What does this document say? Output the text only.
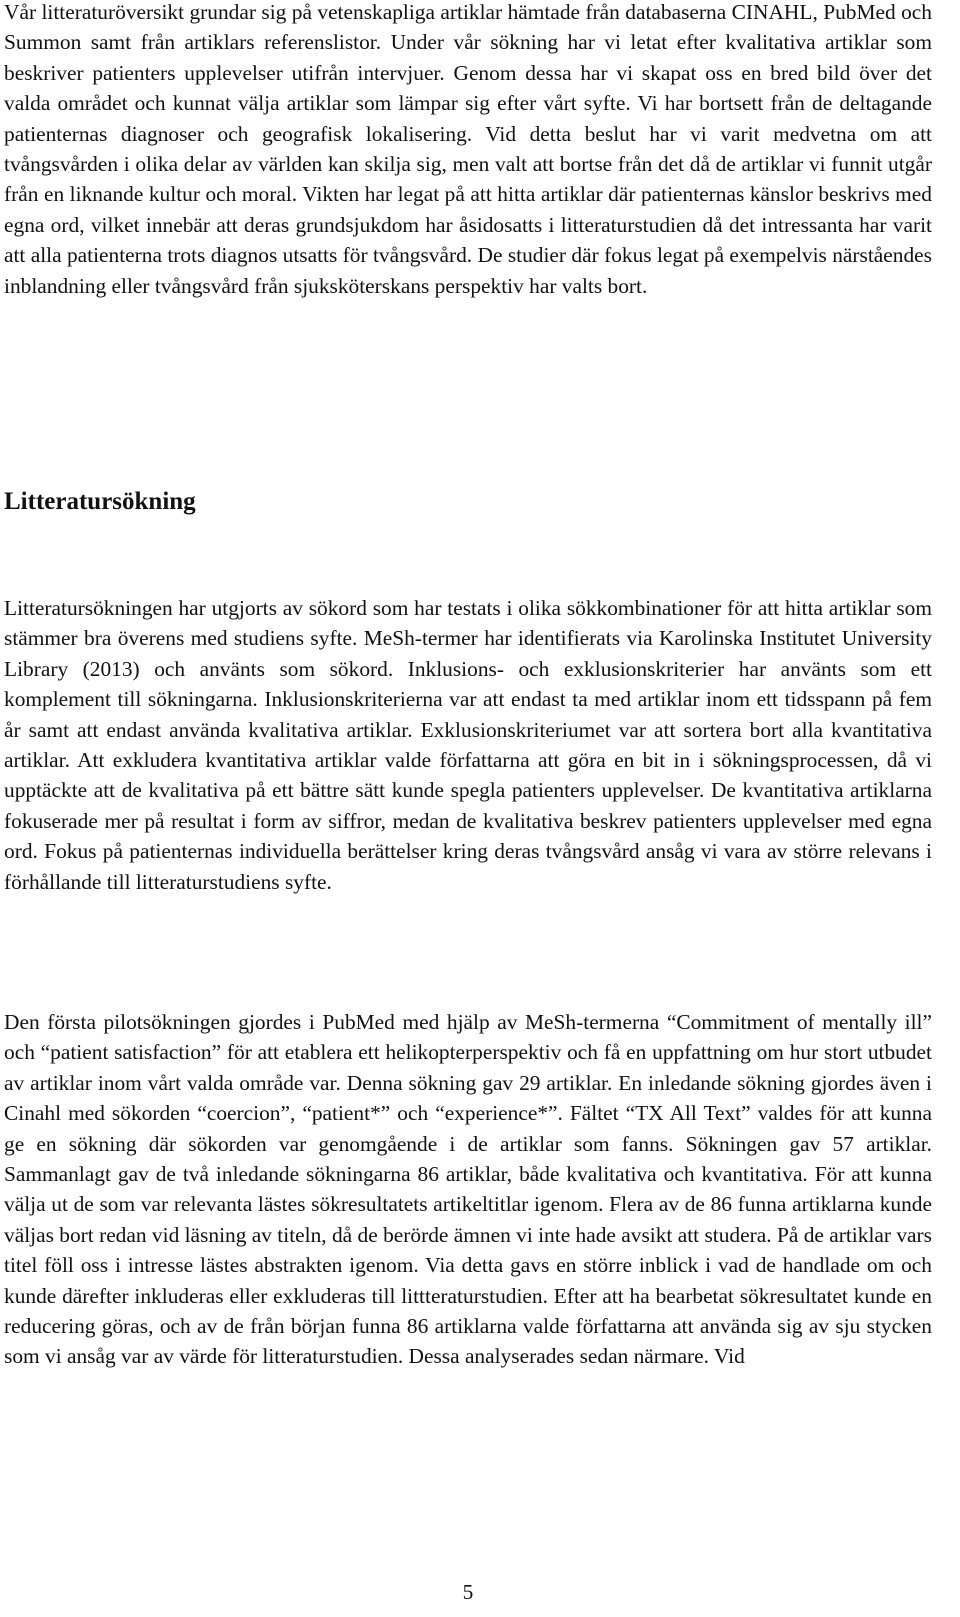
Vår litteraturöversikt grundar sig på vetenskapliga artiklar hämtade från databaserna CINAHL, PubMed och Summon samt från artiklars referenslistor. Under vår sökning har vi letat efter kvalitativa artiklar som beskriver patienters upplevelser utifrån intervjuer. Genom dessa har vi skapat oss en bred bild över det valda området och kunnat välja artiklar som lämpar sig efter vårt syfte. Vi har bortsett från de deltagande patienternas diagnoser och geografisk lokalisering. Vid detta beslut har vi varit medvetna om att tvångsvården i olika delar av världen kan skilja sig, men valt att bortse från det då de artiklar vi funnit utgår från en liknande kultur och moral. Vikten har legat på att hitta artiklar där patienternas känslor beskrivs med egna ord, vilket innebär att deras grundsjukdom har åsidosatts i litteraturstudien då det intressanta har varit att alla patienterna trots diagnos utsatts för tvångsvård. De studier där fokus legat på exempelvis närståendes inblandning eller tvångsvård från sjuksköterskans perspektiv har valts bort.

Litteratursökning

Litteratursökningen har utgjorts av sökord som har testats i olika sökkombinationer för att hitta artiklar som stämmer bra överens med studiens syfte. MeSh-termer har identifierats via Karolinska Institutet University Library (2013) och använts som sökord. Inklusions- och exklusionskriterier har använts som ett komplement till sökningarna. Inklusionskriterierna var att endast ta med artiklar inom ett tidsspann på fem år samt att endast använda kvalitativa artiklar. Exklusionskriteriumet var att sortera bort alla kvantitativa artiklar. Att exkludera kvantitativa artiklar valde författarna att göra en bit in i sökningsprocessen, då vi upptäckte att de kvalitativa på ett bättre sätt kunde spegla patienters upplevelser. De kvantitativa artiklarna fokuserade mer på resultat i form av siffror, medan de kvalitativa beskrev patienters upplevelser med egna ord. Fokus på patienternas individuella berättelser kring deras tvångsvård ansåg vi vara av större relevans i förhållande till litteraturstudiens syfte.

Den första pilotsökningen gjordes i PubMed med hjälp av MeSh-termerna “Commitment of mentally ill” och “patient satisfaction” för att etablera ett helikopterperspektiv och få en uppfattning om hur stort utbudet av artiklar inom vårt valda område var. Denna sökning gav 29 artiklar. En inledande sökning gjordes även i Cinahl med sökorden “coercion”, “patient*” och “experience*”. Fältet “TX All Text” valdes för att kunna ge en sökning där sökorden var genomgående i de artiklar som fanns. Sökningen gav 57 artiklar. Sammanlagt gav de två inledande sökningarna 86 artiklar, både kvalitativa och kvantitativa. För att kunna välja ut de som var relevanta lästes sökresultatets artikeltitlar igenom. Flera av de 86 funna artiklarna kunde väljas bort redan vid läsning av titeln, då de berörde ämnen vi inte hade avsikt att studera. På de artiklar vars titel föll oss i intresse lästes abstrakten igenom. Via detta gavs en större inblick i vad de handlade om och kunde därefter inkluderas eller exkluderas till littteraturstudien. Efter att ha bearbetat sökresultatet kunde en reducering göras, och av de från början funna 86 artiklarna valde författarna att använda sig av sju stycken som vi ansåg var av värde för litteraturstudien. Dessa analyserades sedan närmare. Vid

5
